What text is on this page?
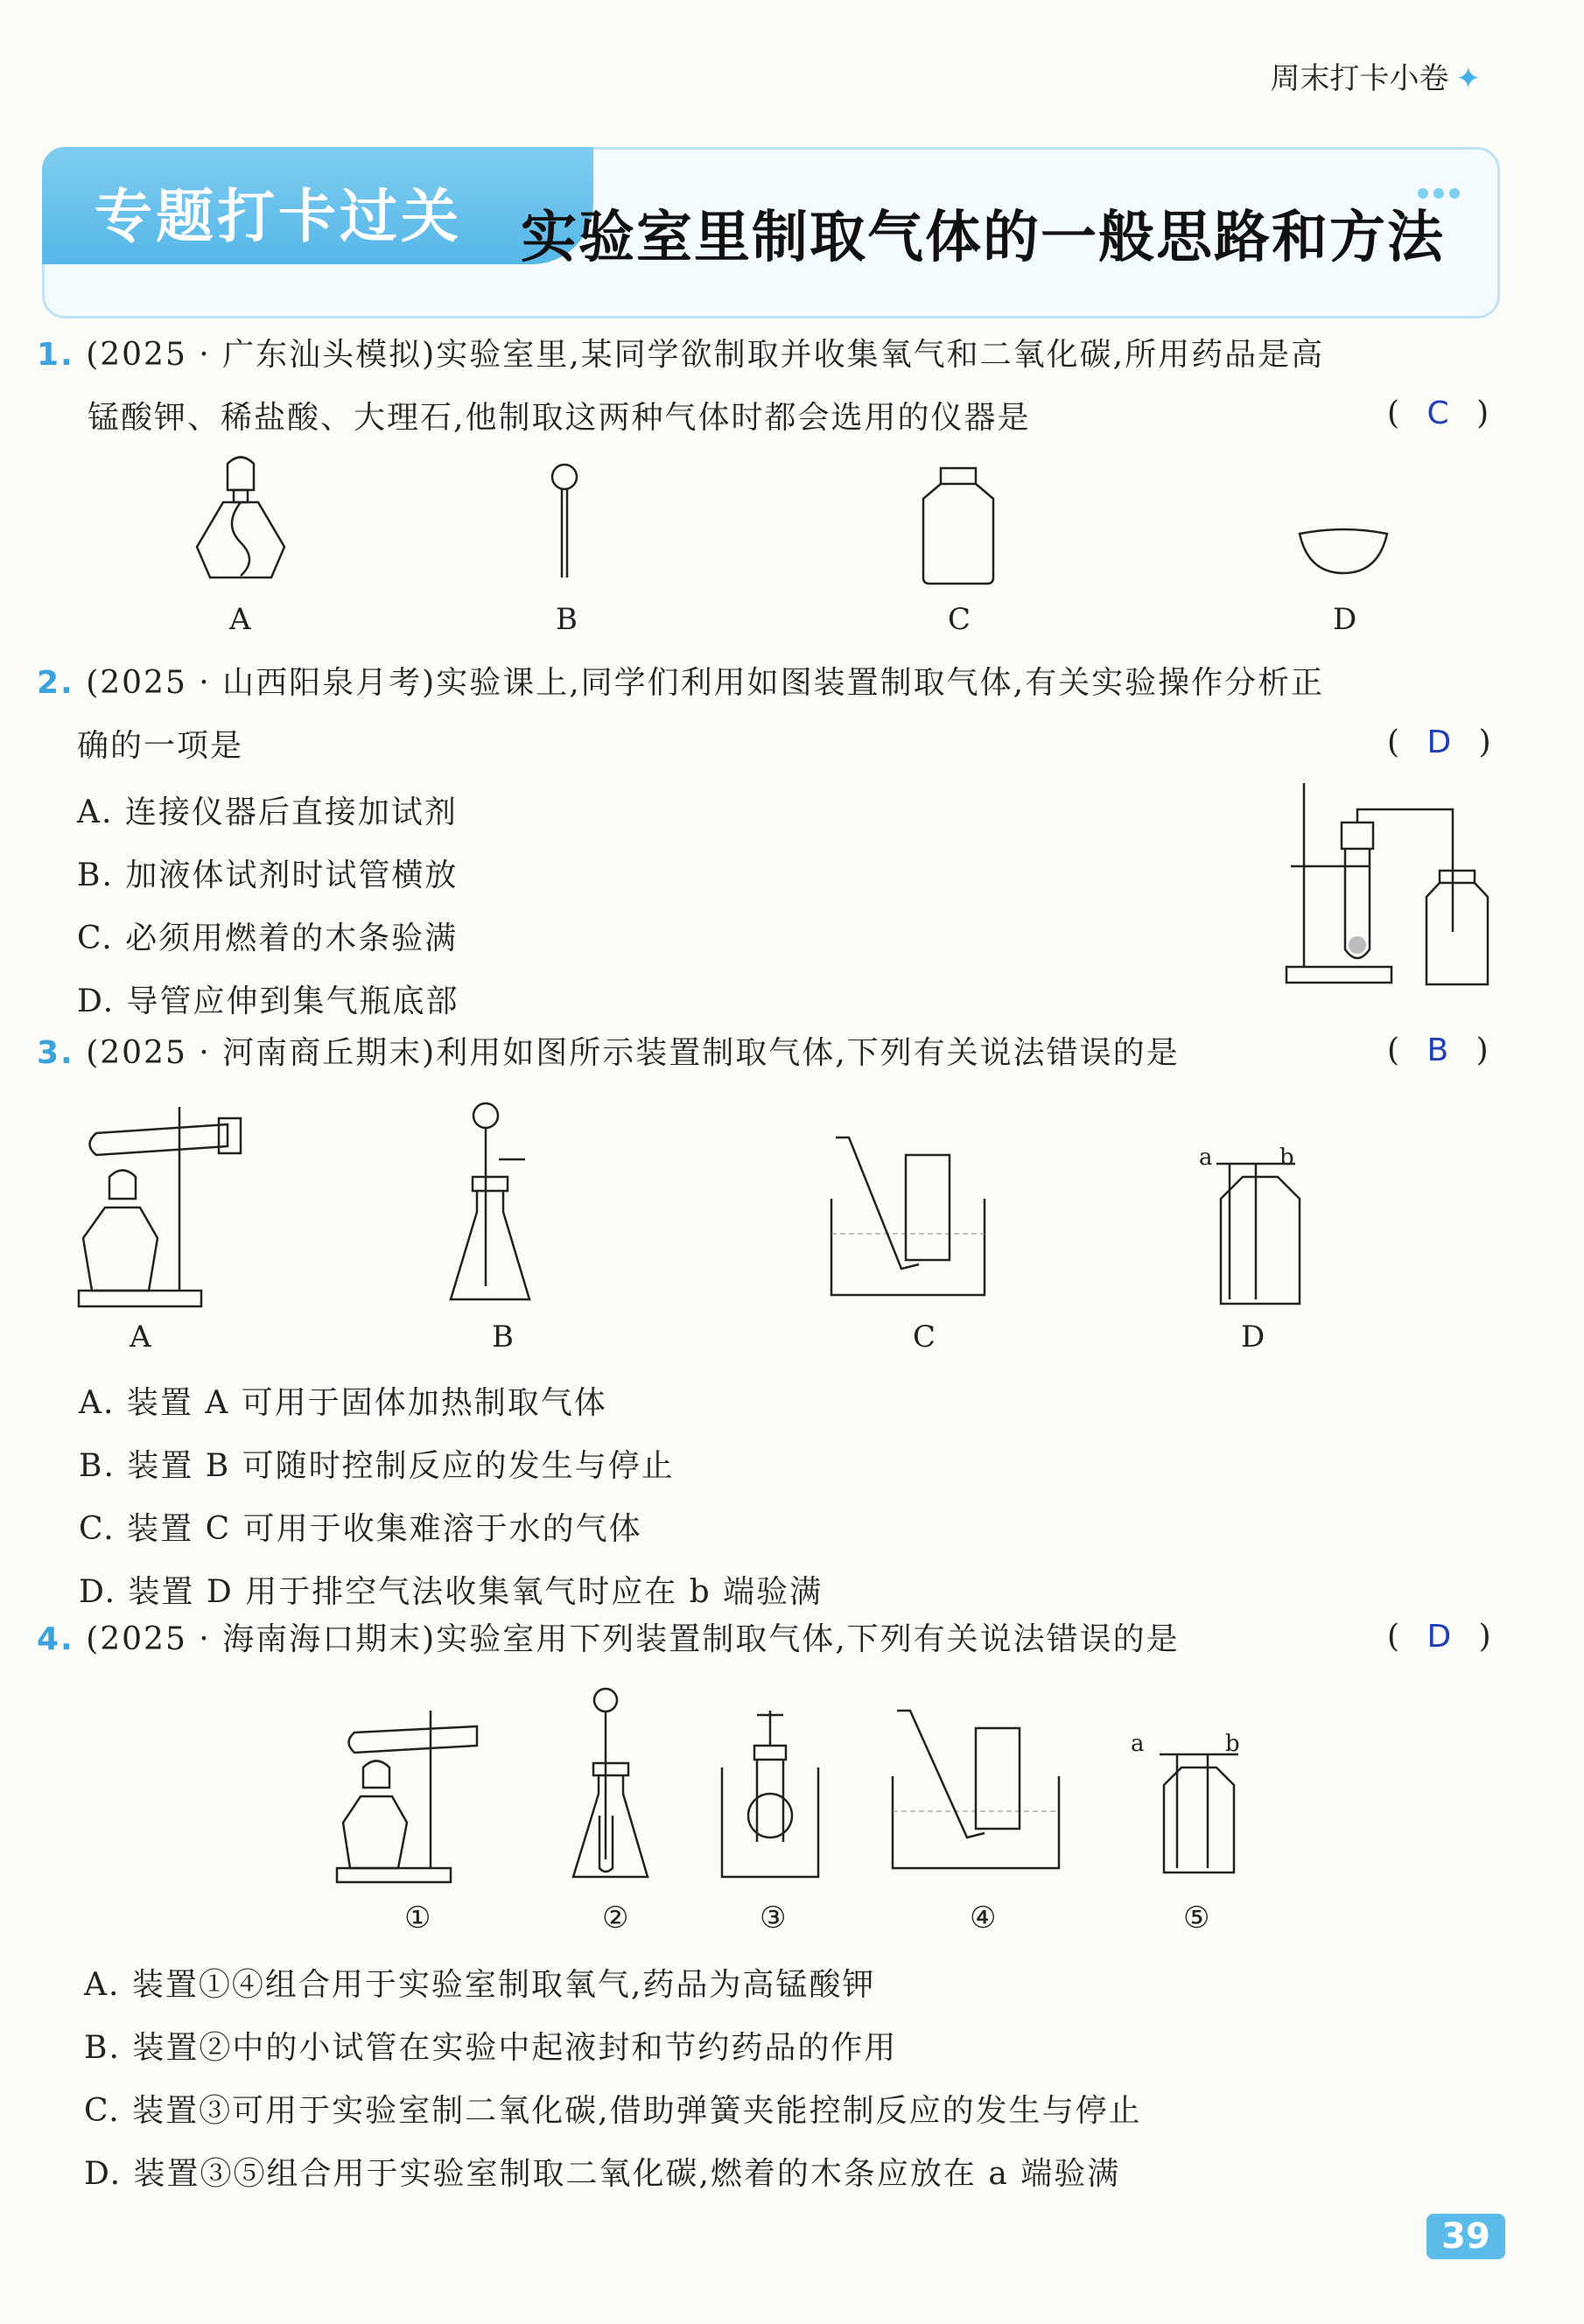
周末打卡小卷 ✦
专题打卡过关	实验室里制取气体的一般思路和方法
1. (2025 · 广东汕头模拟)实验室里,某同学欲制取并收集氧气和二氧化碳,所用药品是高
锰酸钾、稀盐酸、大理石,他制取这两种气体时都会选用的仪器是	( C )
A	B	C	D
2. (2025 · 山西阳泉月考)实验课上,同学们利用如图装置制取气体,有关实验操作分析正
确的一项是	( D )
A. 连接仪器后直接加试剂
B. 加液体试剂时试管横放
C. 必须用燃着的木条验满
D. 导管应伸到集气瓶底部
3. (2025 · 河南商丘期末)利用如图所示装置制取气体,下列有关说法错误的是	( B )
a	b
A	B	C	D
A. 装置 A 可用于固体加热制取气体
B. 装置 B 可随时控制反应的发生与停止
C. 装置 C 可用于收集难溶于水的气体
D. 装置 D 用于排空气法收集氧气时应在 b 端验满
4. (2025 · 海南海口期末)实验室用下列装置制取气体,下列有关说法错误的是	( D )
a	b
①	②	③	④	⑤
A. 装置①④组合用于实验室制取氧气,药品为高锰酸钾
B. 装置②中的小试管在实验中起液封和节约药品的作用
C. 装置③可用于实验室制二氧化碳,借助弹簧夹能控制反应的发生与停止
D. 装置③⑤组合用于实验室制取二氧化碳,燃着的木条应放在 a 端验满
39
